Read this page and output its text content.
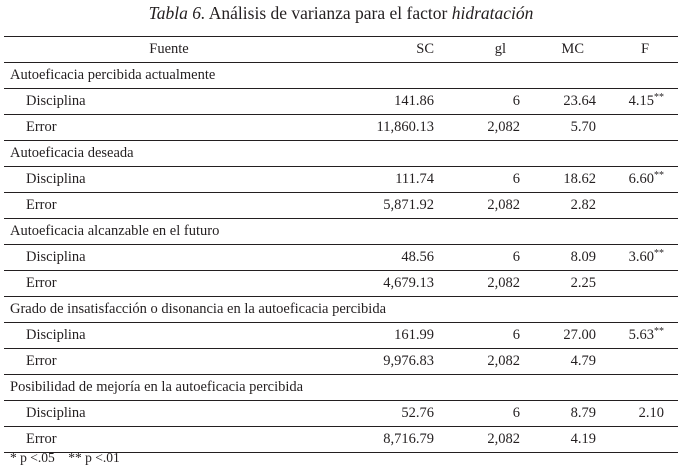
Tabla 6. Análisis de varianza para el factor hidratación
Fuente	SC	gl	MC	F
Autoeficacia percibida actualmente				
Disciplina	141.86	6	23.64	4.15**
Error	11,860.13	2,082	5.70	
Autoeficacia deseada				
Disciplina	111.74	6	18.62	6.60**
Error	5,871.92	2,082	2.82	
Autoeficacia alcanzable en el futuro				
Disciplina	48.56	6	8.09	3.60**
Error	4,679.13	2,082	2.25	
Grado de insatisfacción o disonancia en la autoeficacia percibida				
Disciplina	161.99	6	27.00	5.63**
Error	9,976.83	2,082	4.79	
Posibilidad de mejoría en la autoeficacia percibida				
Disciplina	52.76	6	8.79	2.10
Error	8,716.79	2,082	4.19	
* p <.05    ** p <.01
